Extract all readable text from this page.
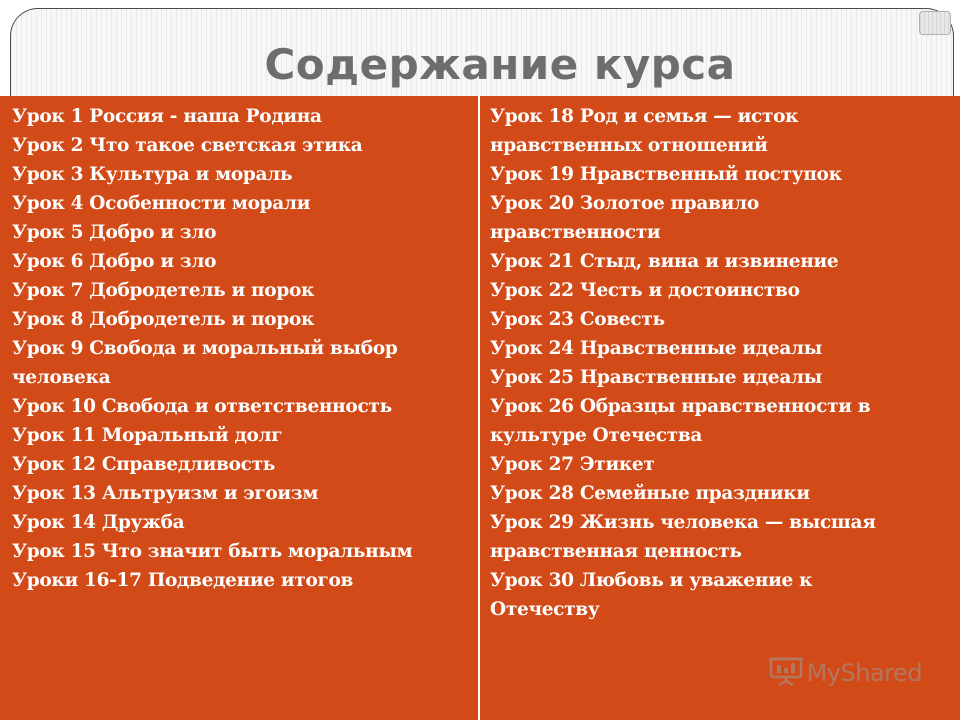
Содержание курса
Урок 1 Россия - наша Родина
Урок 2 Что такое светская этика
Урок 3 Культура и мораль
Урок 4 Особенности морали
Урок 5 Добро и зло
Урок 6 Добро и зло
Урок 7 Добродетель и порок
Урок 8 Добродетель и порок
Урок 9 Свобода и моральный выбор человека
Урок 10 Свобода и ответственность
Урок 11 Моральный долг
Урок 12 Справедливость
Урок 13 Альтруизм и эгоизм
Урок 14 Дружба
Урок 15 Что значит быть моральным
Уроки 16-17 Подведение итогов
Урок 18 Род и семья — исток нравственных отношений
Урок 19 Нравственный поступок
Урок 20 Золотое правило нравственности
Урок 21 Стыд, вина и извинение
Урок 22 Честь и достоинство
Урок 23 Совесть
Урок 24 Нравственные идеалы
Урок 25 Нравственные идеалы
Урок 26 Образцы нравственности в культуре Отечества
Урок 27 Этикет
Урок 28 Семейные праздники
Урок 29 Жизнь человека — высшая нравственная ценность
Урок 30 Любовь и уважение к Отечеству
MyShared
